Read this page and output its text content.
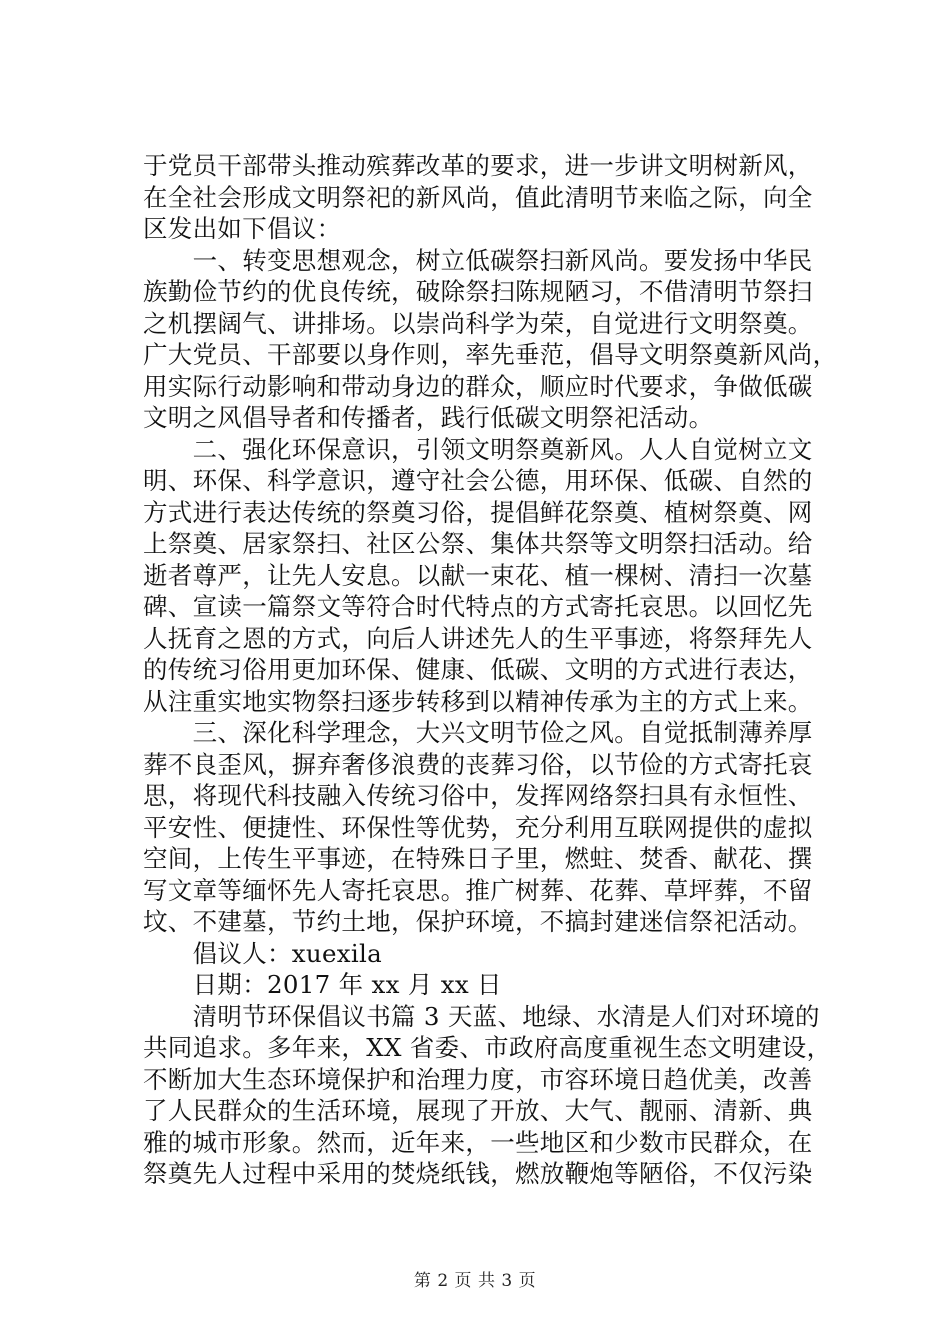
于党员干部带头推动殡葬改革的要求，进一步讲文明树新风，
在全社会形成文明祭祀的新风尚，值此清明节来临之际，向全
区发出如下倡议：
　　一、转变思想观念，树立低碳祭扫新风尚。要发扬中华民
族勤俭节约的优良传统，破除祭扫陈规陋习，不借清明节祭扫
之机摆阔气、讲排场。以崇尚科学为荣，自觉进行文明祭奠。
广大党员、干部要以身作则，率先垂范，倡导文明祭奠新风尚，
用实际行动影响和带动身边的群众，顺应时代要求，争做低碳
文明之风倡导者和传播者，践行低碳文明祭祀活动。
　　二、强化环保意识，引领文明祭奠新风。人人自觉树立文
明、环保、科学意识，遵守社会公德，用环保、低碳、自然的
方式进行表达传统的祭奠习俗，提倡鲜花祭奠、植树祭奠、网
上祭奠、居家祭扫、社区公祭、集体共祭等文明祭扫活动。给
逝者尊严，让先人安息。以献一束花、植一棵树、清扫一次墓
碑、宣读一篇祭文等符合时代特点的方式寄托哀思。以回忆先
人抚育之恩的方式，向后人讲述先人的生平事迹，将祭拜先人
的传统习俗用更加环保、健康、低碳、文明的方式进行表达，
从注重实地实物祭扫逐步转移到以精神传承为主的方式上来。
　　三、深化科学理念，大兴文明节俭之风。自觉抵制薄养厚
葬不良歪风，摒弃奢侈浪费的丧葬习俗，以节俭的方式寄托哀
思，将现代科技融入传统习俗中，发挥网络祭扫具有永恒性、
平安性、便捷性、环保性等优势，充分利用互联网提供的虚拟
空间，上传生平事迹，在特殊日子里，燃蛀、焚香、献花、撰
写文章等缅怀先人寄托哀思。推广树葬、花葬、草坪葬，不留
坟、不建墓，节约土地，保护环境，不搞封建迷信祭祀活动。
　　倡议人：xuexila
　　日期：2017 年 xx 月 xx 日
　　清明节环保倡议书篇 3 天蓝、地绿、水清是人们对环境的
共同追求。多年来，XX 省委、市政府高度重视生态文明建设，
不断加大生态环境保护和治理力度，市容环境日趋优美，改善
了人民群众的生活环境，展现了开放、大气、靓丽、清新、典
雅的城市形象。然而，近年来，一些地区和少数市民群众，在
祭奠先人过程中采用的焚烧纸钱，燃放鞭炮等陋俗，不仅污染
第 2 页 共 3 页
